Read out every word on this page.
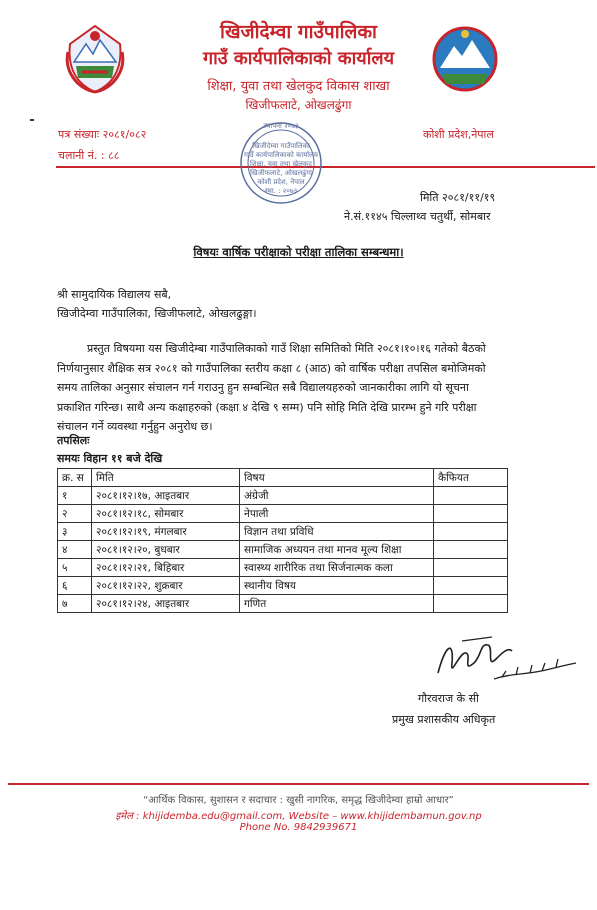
खिजीदेम्वा गाउँपालिका
गाउँ कार्यपालिकाको कार्यालय
शिक्षा, युवा तथा खेलकुद विकास शाखा
खिजीफलाटे, ओखलढुंगा
पत्र संख्याः २०८१/०८२
चलानी नं. : ८८
कोशी प्रदेश,नेपाल
स्थापना २०७३
खिजीदेम्वा गाउँपालिका
गाउँ कार्यपालिकाको कार्यालय
शिक्षा, युवा तथा खेलकुद
खिजीफलाटे, ओखलढुंगा
कोशी प्रदेश, नेपाल
स्था. : २०७३	मिति २०८१/११/१९
ने.सं.११४५ चिल्लाथ्व चतुर्थी, सोमबार
विषयः वार्षिक परीक्षाको परीक्षा तालिका सम्बन्धमा।
श्री सामुदायिक विद्यालय सबै,
खिजीदेम्वा गाउँपालिका, खिजीफलाटे, ओखलढुङ्गा।
प्रस्तुत विषयमा यस खिजीदेम्बा गाउँपालिकाको गाउँ शिक्षा समितिको मिति २०८१।१०।१६ गतेको बैठको
निर्णयानुसार शैक्षिक सत्र २०८१ को गाउँपालिका स्तरीय कक्षा ८ (आठ) को वार्षिक परीक्षा तपसिल बमोजिमको
समय तालिका अनुसार संचालन गर्न गराउनु हुन सम्बन्धित सबै विद्यालयहरुको जानकारीका लागि यो सूचना
प्रकाशित गरिन्छ। साथै अन्य कक्षाहरुको (कक्षा ४ देखि ९ सम्म) पनि सोहि मिति देखि प्रारम्भ हुने गरि परीक्षा
संचालन गर्ने व्यवस्था गर्नुहुन अनुरोध छ।
तपसिलः
समयः विहान ११ बजे देखि
क्र. स	मिति	विषय	कैफियत
१	२०८१।१२।१७, आइतबार	अंग्रेजी	
२	२०८१।१२।१८, सोमबार	नेपाली	
३	२०८१।१२।१९, मंगलबार	विज्ञान तथा प्रविधि	
४	२०८१।१२।२०, बुधबार	सामाजिक अध्ययन तथा मानव मूल्य शिक्षा	
५	२०८१।१२।२१, बिहिबार	स्वास्थ्य शारीरिक तथा सिर्जनात्मक कला	
६	२०८१।१२।२२, शुक्रबार	स्थानीय विषय	
७	२०८१।१२।२४, आइतबार	गणित	
गौरवराज के सी
प्रमुख प्रशासकीय अधिकृत
“आर्थिक विकास, सुशासन र सदाचार : खुसी नागरिक, समृद्ध खिजीदेम्वा हाम्रो आधार”
इमेल : khijidemba.edu@gmail.com, Website – www.khijidembamun.gov.np
Phone No. 9842939671
